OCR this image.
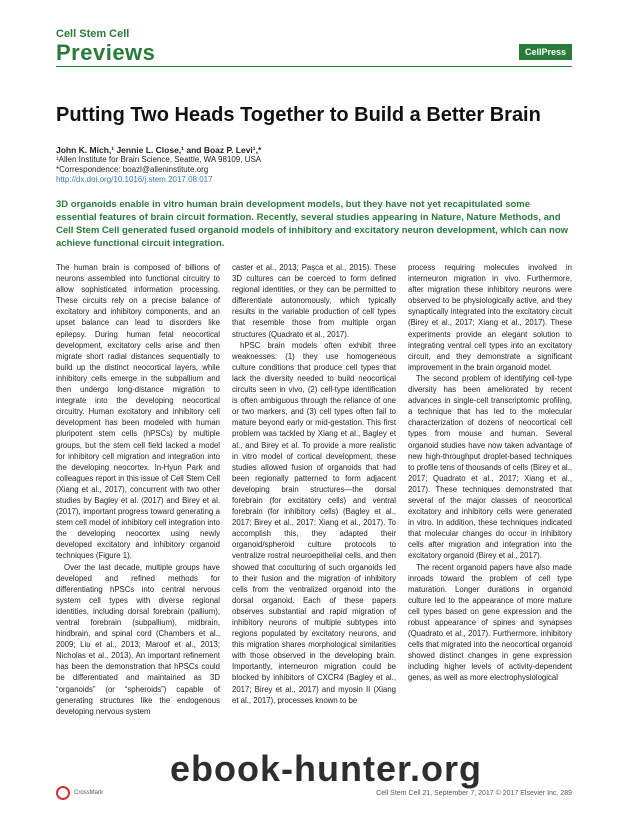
Cell Stem Cell
Previews	CellPress
Putting Two Heads Together to Build a Better Brain
John K. Mich,¹ Jennie L. Close,¹ and Boaz P. Levi¹,*
¹Allen Institute for Brain Science, Seattle, WA 98109, USA
*Correspondence: boazl@alleninstitute.org
http://dx.doi.org/10.1016/j.stem.2017.08.017
3D organoids enable in vitro human brain development models, but they have not yet recapitulated some essential features of brain circuit formation. Recently, several studies appearing in Nature, Nature Methods, and Cell Stem Cell generated fused organoid models of inhibitory and excitatory neuron development, which can now achieve functional circuit integration.

The human brain is composed of billions of neurons assembled into functional circuitry to allow sophisticated information processing. These circuits rely on a precise balance of excitatory and inhibitory components, and an upset balance can lead to disorders like epilepsy. During human fetal neocortical development, excitatory cells arise and then migrate short radial distances sequentially to build up the distinct neocortical layers, while inhibitory cells emerge in the subpallium and then undergo long-distance migration to integrate into the developing neocortical circuitry. Human excitatory and inhibitory cell development has been modeled with human pluripotent stem cells (hPSCs) by multiple groups, but the stem cell field lacked a model for inhibitory cell migration and integration into the developing neocortex. In-Hyun Park and colleagues report in this issue of Cell Stem Cell (Xiang et al., 2017), concurrent with two other studies by Bagley et al. (2017) and Birey et al. (2017), important progress toward generating a stem cell model of inhibitory cell integration into the developing neocortex using newly developed excitatory and inhibitory organoid techniques (Figure 1).

Over the last decade, multiple groups have developed and refined methods for differentiating hPSCs into central nervous system cell types with diverse regional identities, including dorsal forebrain (pallium), ventral forebrain (subpallium), midbrain, hindbrain, and spinal cord (Chambers et al., 2009; Liu et al., 2013; Maroof et al., 2013; Nicholas et al., 2013). An important refinement has been the demonstration that hPSCs could be differentiated and maintained as 3D “organoids” (or “spheroids”) capable of generating structures like the endogenous developing nervous system

caster et al., 2013; Paşca et al., 2015). These 3D cultures can be coerced to form defined regional identities, or they can be permitted to differentiate autonomously, which typically results in the variable production of cell types that resemble those from multiple organ structures (Quadrato et al., 2017).

hPSC brain models often exhibit three weaknesses: (1) they use homogeneous culture conditions that produce cell types that lack the diversity needed to build neocortical circuits seen in vivo, (2) cell-type identification is often ambiguous through the reliance of one or two markers, and (3) cell types often fail to mature beyond early or mid-gestation. This first problem was tackled by Xiang et al., Bagley et al., and Birey et al. To provide a more realistic in vitro model of cortical development, these studies allowed fusion of organoids that had been regionally patterned to form adjacent developing brain structures—the dorsal forebrain (for excitatory cells) and ventral forebrain (for inhibitory cells) (Bagley et al., 2017; Birey et al., 2017; Xiang et al., 2017). To accomplish this, they adapted their organoid/spheroid culture protocols to ventralize rostral neuroepithelial cells, and then showed that coculturing of such organoids led to their fusion and the migration of inhibitory cells from the ventralized organoid into the dorsal organoid. Each of these papers observes substantial and rapid migration of inhibitory neurons of multiple subtypes into regions populated by excitatory neurons, and this migration shares morphological similarities with those observed in the developing brain. Importantly, interneuron migration could be blocked by inhibitors of CXCR4 (Bagley et al., 2017; Birey et al., 2017) and myosin II (Xiang et al., 2017), processes known to be

process requiring molecules involved in interneuron migration in vivo. Furthermore, after migration these inhibitory neurons were observed to be physiologically active, and they synaptically integrated into the excitatory circuit (Birey et al., 2017; Xiang et al., 2017). These experiments provide an elegant solution to integrating ventral cell types into an excitatory circuit, and they demonstrate a significant improvement in the brain organoid model.

The second problem of identifying cell-type diversity has been ameliorated by recent advances in single-cell transcriptomic profiling, a technique that has led to the molecular characterization of dozens of neocortical cell types from mouse and human. Several organoid studies have now taken advantage of new high-throughput droplet-based techniques to profile tens of thousands of cells (Birey et al., 2017; Quadrato et al., 2017; Xiang et al., 2017). These techniques demonstrated that several of the major classes of neocortical excitatory and inhibitory cells were generated in vitro. In addition, these techniques indicated that molecular changes do occur in inhibitory cells after migration and integration into the excitatory organoid (Birey et al., 2017).

The recent organoid papers have also made inroads toward the problem of cell type maturation. Longer durations in organoid culture led to the appearance of more mature cell types based on gene expression and the robust appearance of spines and synapses (Quadrato et al., 2017). Furthermore, inhibitory cells that migrated into the neocortical organoid showed distinct changes in gene expression including higher levels of activity-dependent genes, as well as more electrophysiological

CrossMark	Cell Stem Cell 21, September 7, 2017 © 2017 Elsevier Inc. 289
ebook-hunter.org
